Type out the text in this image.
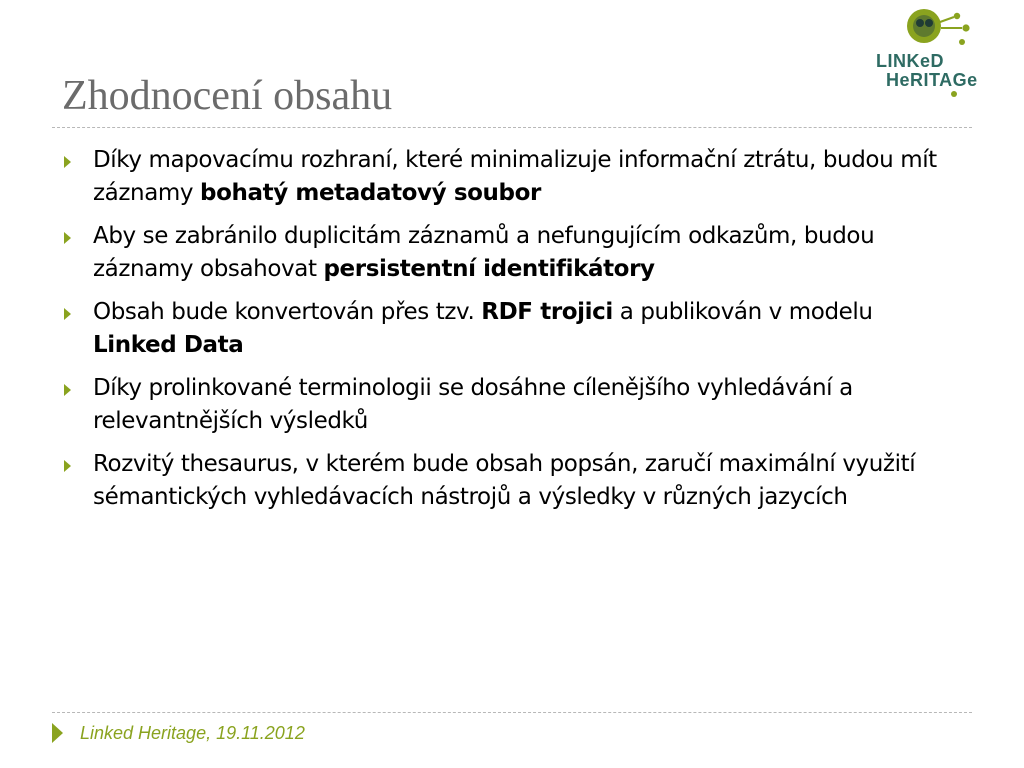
Zhodnocení obsahu
LINKeD
HeRITAGe
Díky mapovacímu rozhraní, které minimalizuje informační ztrátu, budou mít záznamy bohatý metadatový soubor
Aby se zabránilo duplicitám záznamů a nefungujícím odkazům, budou záznamy obsahovat persistentní identifikátory
Obsah bude konvertován přes tzv. RDF trojici a publikován v modelu Linked Data
Díky prolinkované terminologii se dosáhne cílenějšího vyhledávání a relevantnějších výsledků
Rozvitý thesaurus, v kterém bude obsah popsán, zaručí maximální využití sémantických vyhledávacích nástrojů a výsledky v různých jazycích
Linked Heritage, 19.11.2012
